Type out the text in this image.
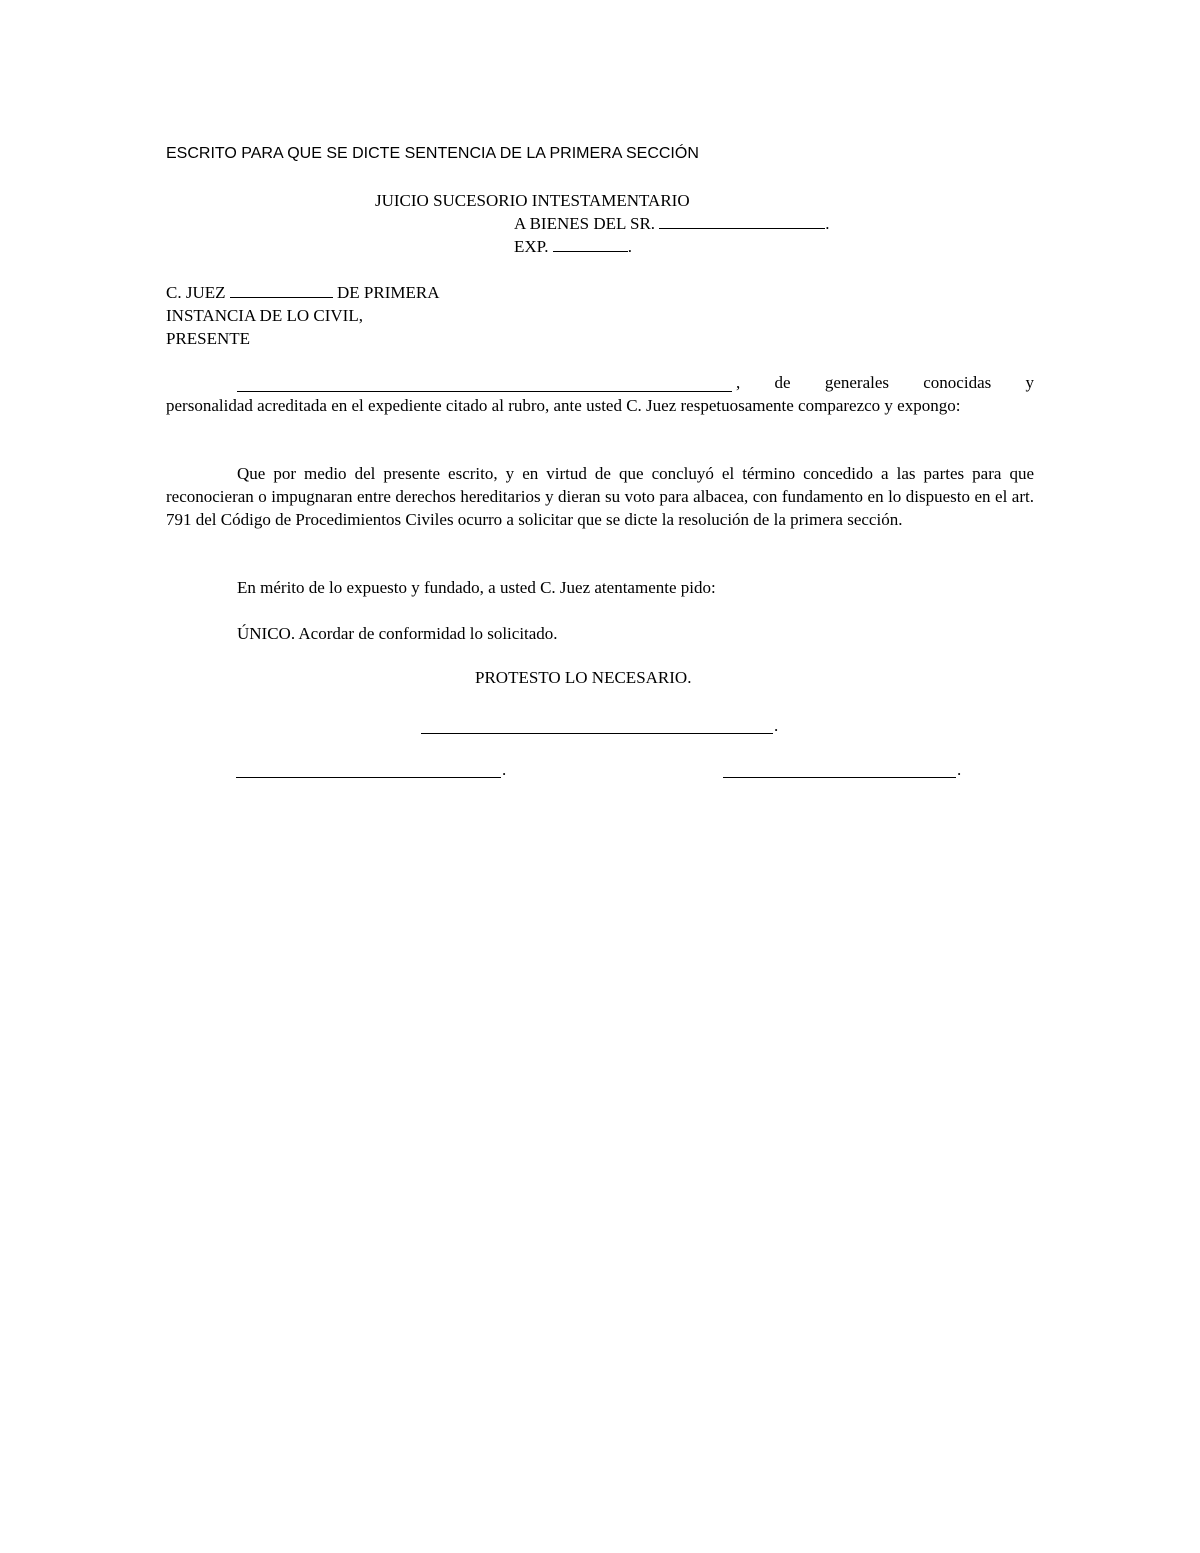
ESCRITO PARA QUE SE DICTE SENTENCIA DE LA PRIMERA SECCIÓN
JUICIO SUCESORIO INTESTAMENTARIO
A BIENES DEL SR.	.
EXP.	.
C. JUEZ	DE PRIMERA
INSTANCIA DE LO CIVIL,
PRESENTE
, de generales conocidas y
personalidad acreditada en el expediente citado al rubro, ante usted C. Juez respetuosamente comparezco y expongo:
Que por medio del presente escrito, y en virtud de que concluyó el término concedido a las partes para que reconocieran o impugnaran entre derechos hereditarios y dieran su voto para albacea, con fundamento en lo dispuesto en el art. 791 del Código de Procedimientos Civiles ocurro a solicitar que se dicte la resolución de la primera sección.
En mérito de lo expuesto y fundado, a usted C. Juez atentamente pido:
ÚNICO. Acordar de conformidad lo solicitado.
PROTESTO LO NECESARIO.
.
.	.
